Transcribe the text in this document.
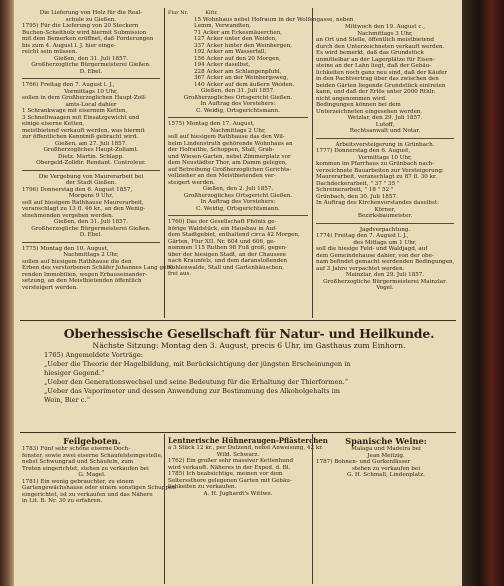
Die Lieferung von Holz für die Real-
schule zu Gießen.
1795) Für die Lieferung von 20 Steckern
Buchen-Scheitholz wird hiermit Submission
mit dem Bemerken eröffnet, daß Forderungen
bis zum 4. August l. J. hier einge-
reicht sein müssen.
Gießen, den 31. Juli 1857.
Großherzogliche Bürgermeisterei Gießen.
D. Ebel.
1766) Freitag den 7. August l. J.,
Vormittags 10 Uhr,
sollen in dem Großherzoglichen Haupt-Zoll-
amts-Local dahier
1 Schrankwage mit eisernem Ketten,
3 Schnellwaagen mit Einsatzgewicht und
einige eiserne Ketten,
meistbietend verkauft werden, was hiermit
zur öffentlichen Kenntniß gebracht wird.
Gießen, am 27. Juli 1857.
Großherzogliches Haupt-Zollamt.
Dietz. Martin. Schlapp.
Obergeld-Zolldir. Rendant. Controleur.
Die Vergebung von Maurerarbeit bei
der Stadt Gießen.
1796) Donnerstag den 6. August 1857,
Morgens 9 Uhr,
soll auf hiesigem Rathhause Maurerarbeit,
veranschlagt zu 13 fl. 46 kr., an den Wenig-
stnehmenden vergeben werden.
Gießen, den 31. Juli 1857.
Großherzogliche Bürgermeisterei Gießen.
D. Ebel.
1775) Montag den 10. August,
Nachmittags 2 Uhr,
sollen auf hiesigem Rathhause die den
Erben des verstorbenen Schäfer Johannes Lang gehö-
renden Immobilien, wegen Erbauseinander-
setzung, an den Meistbietenden öffentlich
versteigert werden.
Flur Nr.	Klftr.
15 Wohnhaus nebst Hofraum in der Wolfengasse, neben
Lemm, Verwandten,
71 Acker am Eckesmäuerchen,
127 Acker unter den Weiden,
337 Acker hinter den Weinbergen,
192 Acker am Wasserfall,
156 Acker auf den 20 Morgen,
194 Acker daselbst,
228 Acker am Schlangenpfuhl,
367 Acker an der Weinbergsweg,
140 Acker auf dem äußern Weiden.
Gießen, den 31. Juli 1857.
Großherzogliches Ortsgericht Gießen.
In Auftrag des Vorstehers:
C. Weidig, Ortsgerichtsmann.
1575) Montag den 17. August,
Nachmittags 2 Uhr,
soll auf hiesigem Rathhause das den Wil-
helm Lindenstruth gehörende Wohnhaus an
der Hofraithe, Schoppen, Stall, Grab-
und Wiesen-Garten, nebst Zimmerplatz vor
dem Neustädter Thor, am Damm gelegen,
auf Betreibung Großherzoglichen Gerichts-
vollzieher an den Meistbietenden ver-
steigert werden.
Gießen, den 2. Juli 1857.
Großherzogliches Ortsgericht Gießen.
In Auftrag des Vorstehers:
C. Weidig, Ortsgerichtsmann.
1760) Das der Gesellschaft Phönix ge-
hörige Waldstück, ein Hausbau in Auf-
dem Stadtgebiet, enthaltend circa 42 Morgen,
Gärten, Flur XII. Nr. 604 und 606, ge-
nommen 115 Ruthen 98 Fuß groß, gegen-
über der hiesigen Stadt, an der Chaussee
nach Kraunfels, und dem daranstoßenden
Kohlenwalde, Stall und Gartenhäuschen,
frei aus.
Mittwoch den 19. August c.,
Nachmittags 3 Uhr,
an Ort und Stelle, öffentlich meistbietend
durch den Unterzeichneten verkauft werden.
Es wird bemerkt, daß das Grundstück
unmittelbar an der Lagerplätze für Eisen-
steine an der Lahn liegt, daß der Gebäu-
lichkeiten noch ganz neu sind, daß der Käufer
in den Pachtvertrag über das zwischen den
beiden Gärten liegende Grundstück eintreten
kann, und daß der Erlös unter 2000 Rthlr.
nicht angenommen wird.
Bedingungen können bei dem
Unterzeichneten eingesehen werden.
Wetzlar, den 29. Juli 1857.
Lutoff,
Rechtsanwalt und Notar.
Arbeitsversteigerung in Grünbach.
1777) Donnerstag den 6. August,
Vormittags 10 Uhr,
kommen im Pfarrhaus zu Grünbach nach-
verzeichnete Bauarbeiten zur Versteigerung:
Maurerarbeit, veranschlagt zu 87 fl. 30 kr.
Dachdeckerarbeit, " 37 " 35 "
Schreinerarbeit, " 18 " 52 "
Grünbach, den 30. Juli 1857.
In Auftrag des Kirchenvorstandes daselbst:
Körner,
Bezirksbaumeister.
Jagdverpachtung.
1774) Freitag den 7. August l. J.,
des Mittags um 1 Uhr,
soll die hiesige Feld- und Waldjagd, auf
dem Gemeindehause dahier, von der obe-
nam befindet gemacht werdenden Bedingungen,
auf 3 Jahre verpachtet werden.
Mainzlar, den 29. Juli 1857.
Großherzogliche Bürgermeisterei Mainzlar.
Vogel.
Oberhessische Gesellschaft für Natur- und Heilkunde.
Nächste Sitzung: Montag den 3. August, precis 6 Uhr, im Gasthaus zum Einhorn.
1765) Angemeldete Vorträge:
„Ueber die Theorie der Hagelbildung, mit Berücksichtigung der jüngsten Erscheinungen in
hiesiger Gegend.“
„Ueber den Generationswechsel und seine Bedeutung für die Erhaltung der Thierformen.“
„Ueber das Vaporimeter und dessen Anwendung zur Bestimmung des Alkoholgehalts im
Wein, Bier c.“
Feilgeboten.
1783) Fünf sehr schöne eiserne Doch-
fenster, sowie zwei eiserne Schaufelsteingestelle,
nebst Schwungrad und Schäufeln, zum
Treten eingerichtet, stehen zu verkaufen bei
G. Magel.
1781) Ein wenig gebrauchter, zu einem
Gartengewächshause oder einem sonstigen Schuppen
eingerichtet, ist zu verkaufen und das Nähere
in Lit. B. Nr. 30 zu erfahren.
Lentnerische Hühneraugen-Pflästerchen
à 3 Stück 12 kr., per Dutzend, nebst Anweisung, 42 kr.
Wild. Schwarz.
1762) Ein großer sehr massiver Kettenhund
wird verkauft. Näheres in der Exped. d. Bl.
1785) Ich beabsichtige, meinen vor dem
Selterssthore gelegenen Garten mit Gebäu-
lichkeiten zu verkaufen.
A. H. Jughardt's Wittwe.
Spanische Weine:
Malaga und Madeira bei
Jean Meitzig.
1787) Bohnen- und Gurkenfässer
stehen zu verkaufen bei
G. H. Schmall, Lindenplatz.
